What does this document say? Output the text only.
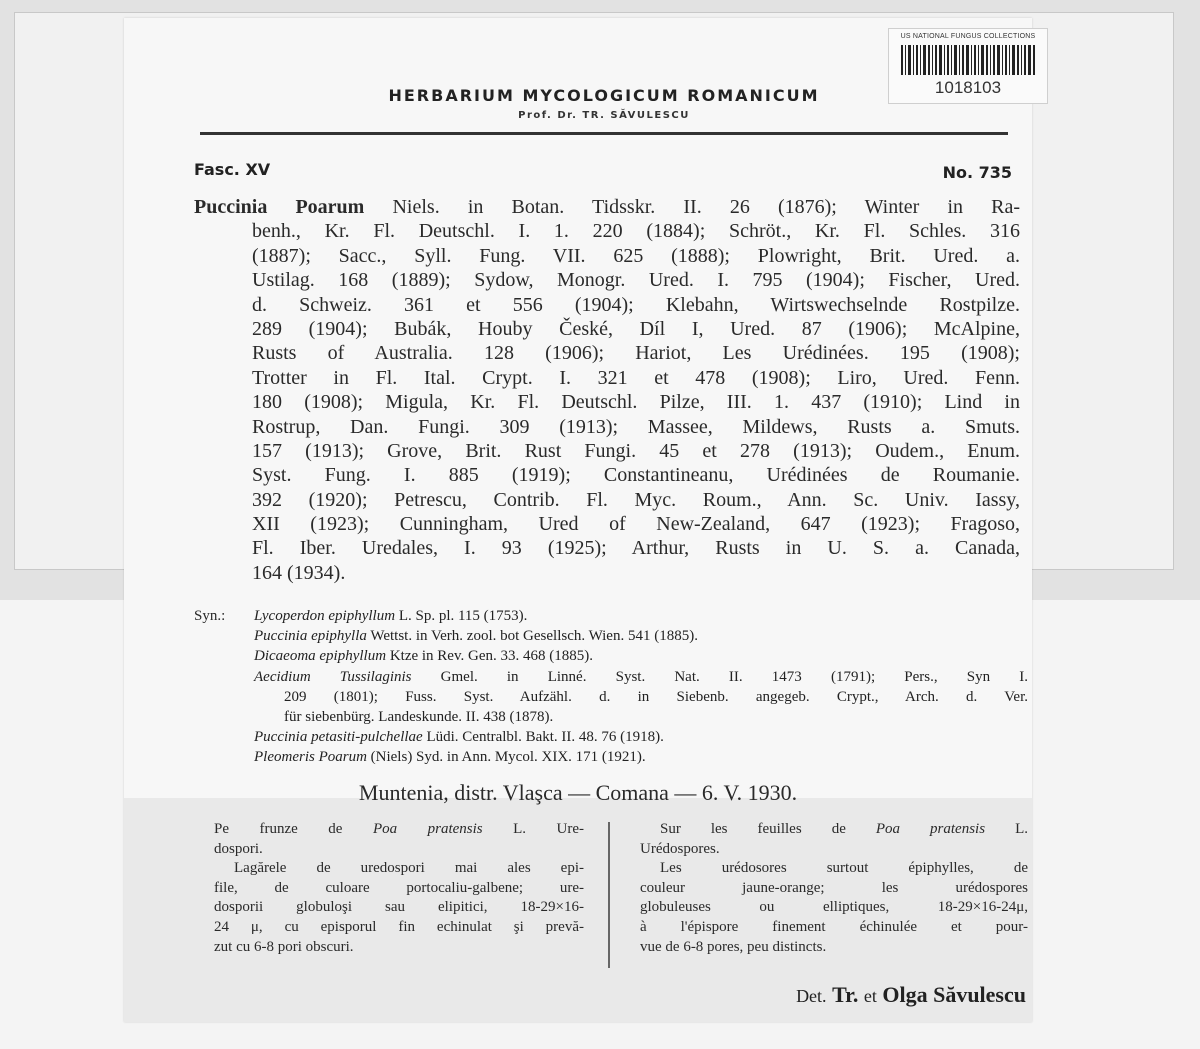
US NATIONAL FUNGUS COLLECTIONS
1018103
HERBARIUM MYCOLOGICUM ROMANICUM
Prof. Dr. TR. SĂVULESCU
Fasc. XV	No. 735
Puccinia Poarum Niels. in Botan. Tidsskr. II. 26 (1876); Winter in Ra-
benh., Kr. Fl. Deutschl. I. 1. 220 (1884); Schröt., Kr. Fl. Schles. 316
(1887); Sacc., Syll. Fung. VII. 625 (1888); Plowright, Brit. Ured. a.
Ustilag. 168 (1889); Sydow, Monogr. Ured. I. 795 (1904); Fischer, Ured.
d. Schweiz. 361 et 556 (1904); Klebahn, Wirtswechselnde Rostpilze.
289 (1904); Bubák, Houby České, Díl I, Ured. 87 (1906); McAlpine,
Rusts of Australia. 128 (1906); Hariot, Les Urédinées. 195 (1908);
Trotter in Fl. Ital. Crypt. I. 321 et 478 (1908); Liro, Ured. Fenn.
180 (1908); Migula, Kr. Fl. Deutschl. Pilze, III. 1. 437 (1910); Lind in
Rostrup, Dan. Fungi. 309 (1913); Massee, Mildews, Rusts a. Smuts.
157 (1913); Grove, Brit. Rust Fungi. 45 et 278 (1913); Oudem., Enum.
Syst. Fung. I. 885 (1919); Constantineanu, Urédinées de Roumanie.
392 (1920); Petrescu, Contrib. Fl. Myc. Roum., Ann. Sc. Univ. Iassy,
XII (1923); Cunningham, Ured of New-Zealand, 647 (1923); Fragoso,
Fl. Iber. Uredales, I. 93 (1925); Arthur, Rusts in U. S. a. Canada,
164 (1934).
Syn.:	Lycoperdon epiphyllum L. Sp. pl. 115 (1753).
Puccinia epiphylla Wettst. in Verh. zool. bot Gesellsch. Wien. 541 (1885).
Dicaeoma epiphyllum Ktze in Rev. Gen. 33. 468 (1885).
Aecidium Tussilaginis Gmel. in Linné. Syst. Nat. II. 1473 (1791); Pers., Syn I.
209 (1801); Fuss. Syst. Aufzähl. d. in Siebenb. angegeb. Crypt., Arch. d. Ver.
für siebenbürg. Landeskunde. II. 438 (1878).
Puccinia petasiti-pulchellae Lüdi. Centralbl. Bakt. II. 48. 76 (1918).
Pleomeris Poarum (Niels) Syd. in Ann. Mycol. XIX. 171 (1921).
Muntenia, distr. Vlaşca — Comana — 6. V. 1930.
Pe frunze de Poa pratensis L. Ure-
dospori.
Lagărele de uredospori mai ales epi-
file, de culoare portocaliu-galbene; ure-
dosporii globuloşi sau elipitici, 18-29×16-
24 μ, cu episporul fin echinulat şi prevă-
zut cu 6-8 pori obscuri.
Sur les feuilles de Poa pratensis L.
Urédospores.
Les urédosores surtout épiphylles, de
couleur jaune-orange; les urédospores
globuleuses ou elliptiques, 18-29×16-24μ,
à l'épispore finement échinulée et pour-
vue de 6-8 pores, peu distincts.
Det. Tr. et Olga Săvulescu
